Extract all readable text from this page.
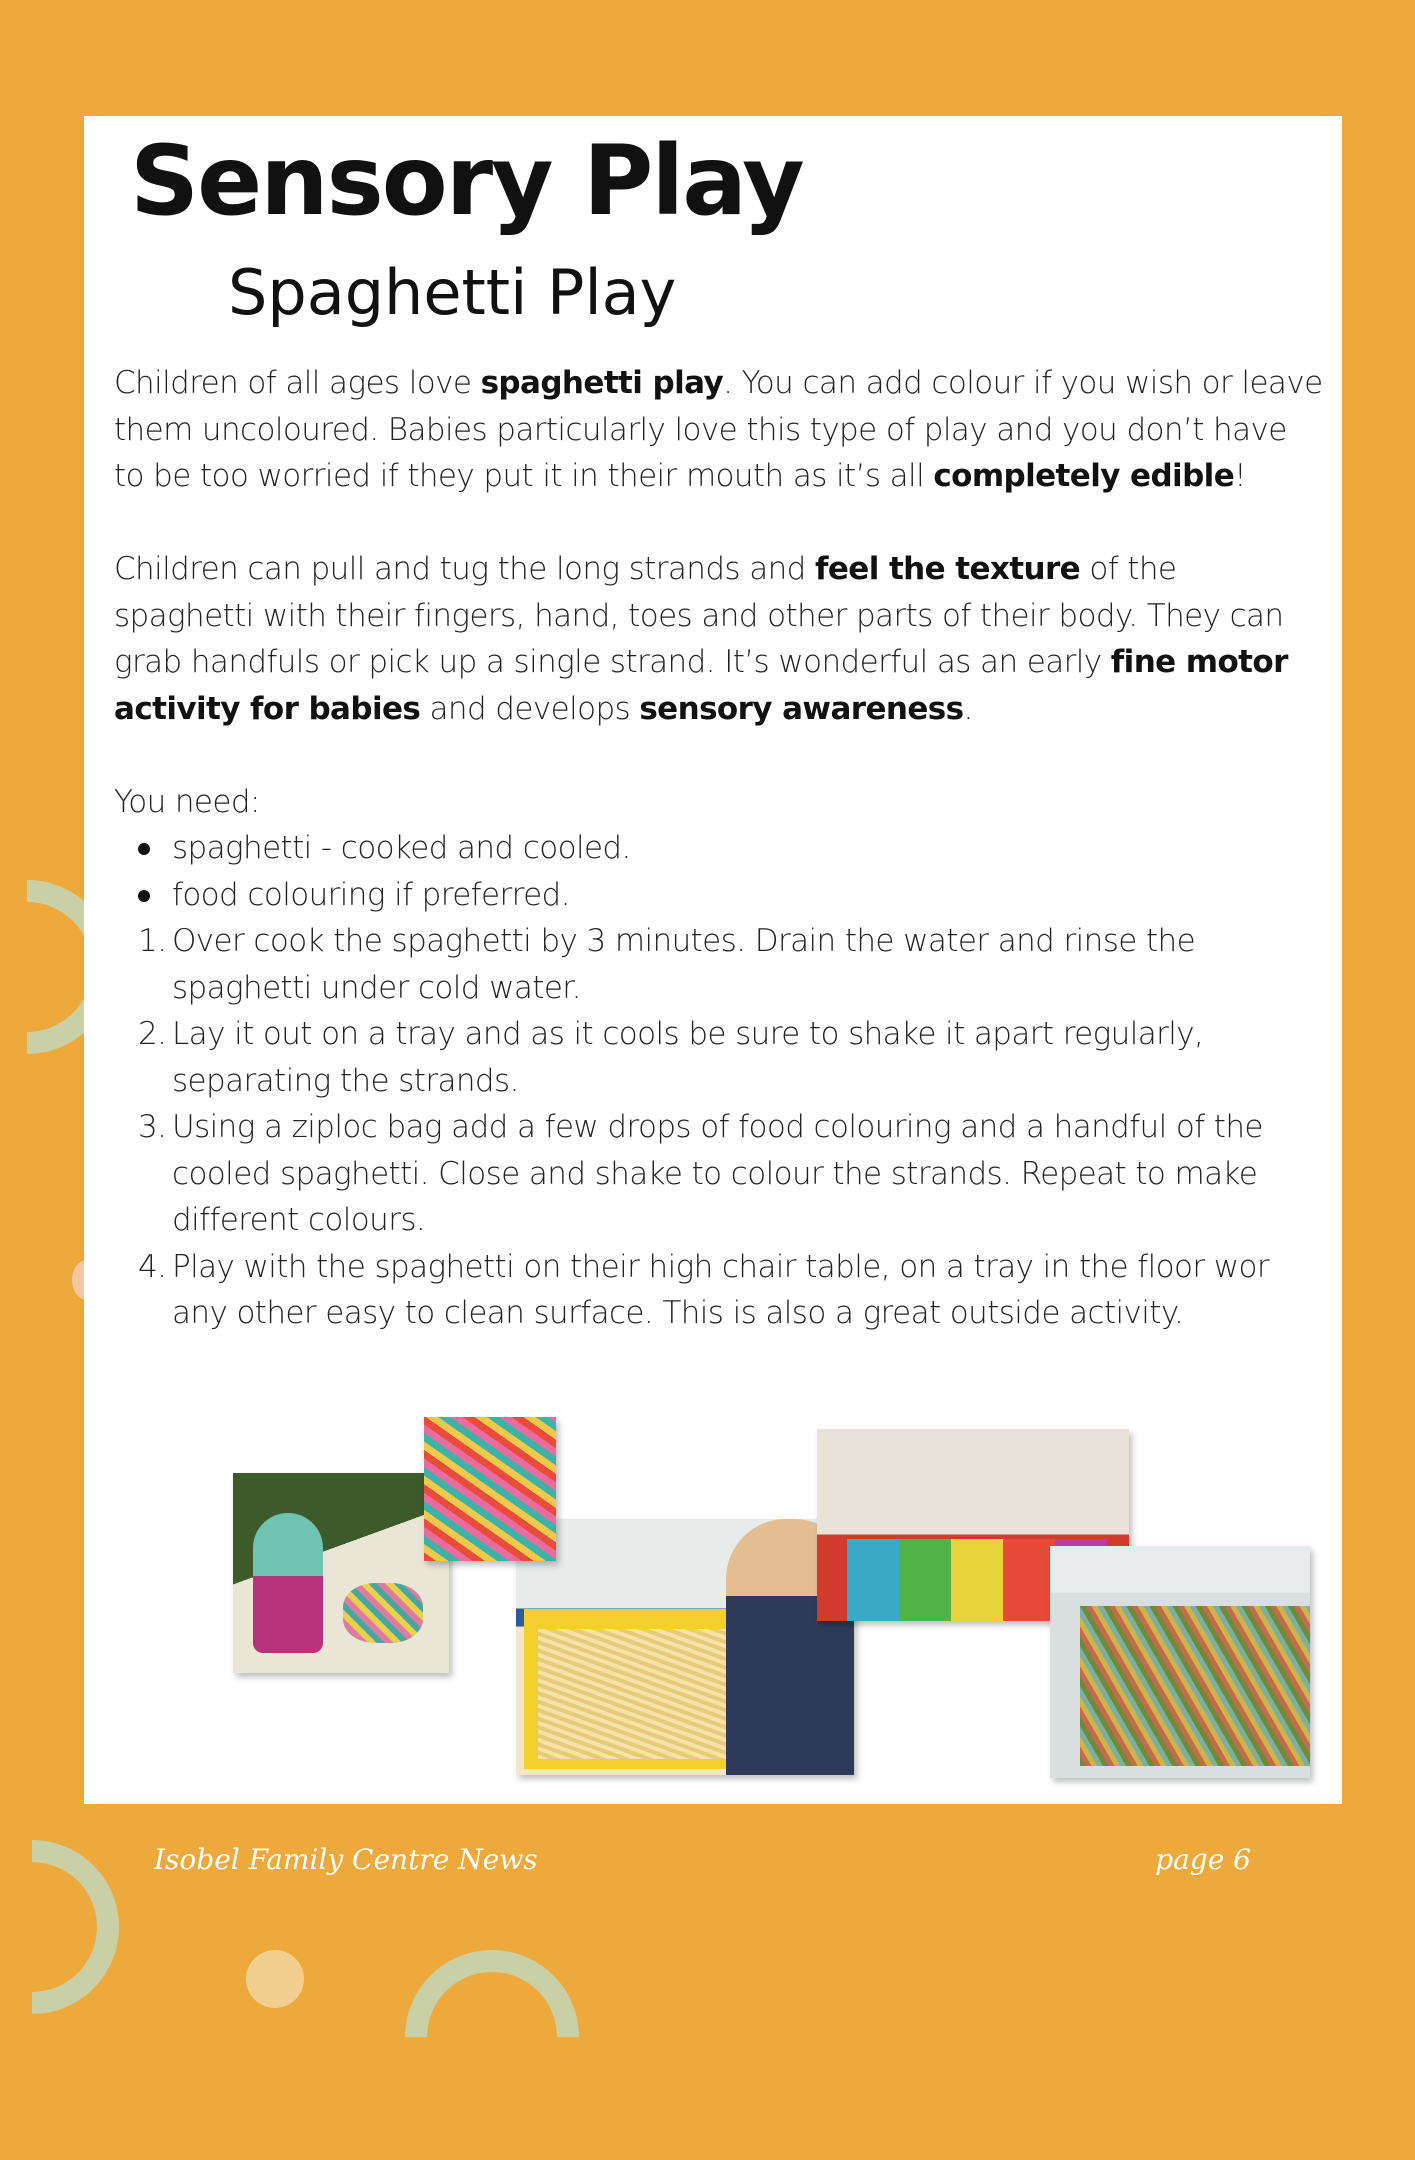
Sensory Play
Spaghetti Play

Children of all ages love spaghetti play. You can add colour if you wish or leave them uncoloured. Babies particularly love this type of play and you don’t have to be too worried if they put it in their mouth as it’s all completely edible!

Children can pull and tug the long strands and feel the texture of the spaghetti with their fingers, hand, toes and other parts of their body. They can grab handfuls or pick up a single strand. It’s wonderful as an early fine motor activity for babies and develops sensory awareness.

You need:

spaghetti - cooked and cooled.
food colouring if preferred.
1. Over cook the spaghetti by 3 minutes. Drain the water and rinse the spaghetti under cold water.
2. Lay it out on a tray and as it cools be sure to shake it apart regularly, separating the strands.
3. Using a ziploc bag add a few drops of food colouring and a handful of the cooled spaghetti. Close and shake to colour the strands. Repeat to make different colours.
4. Play with the spaghetti on their high chair table, on a tray in the floor wor any other easy to clean surface. This is also a great outside activity.
Isobel Family Centre News	page 6
